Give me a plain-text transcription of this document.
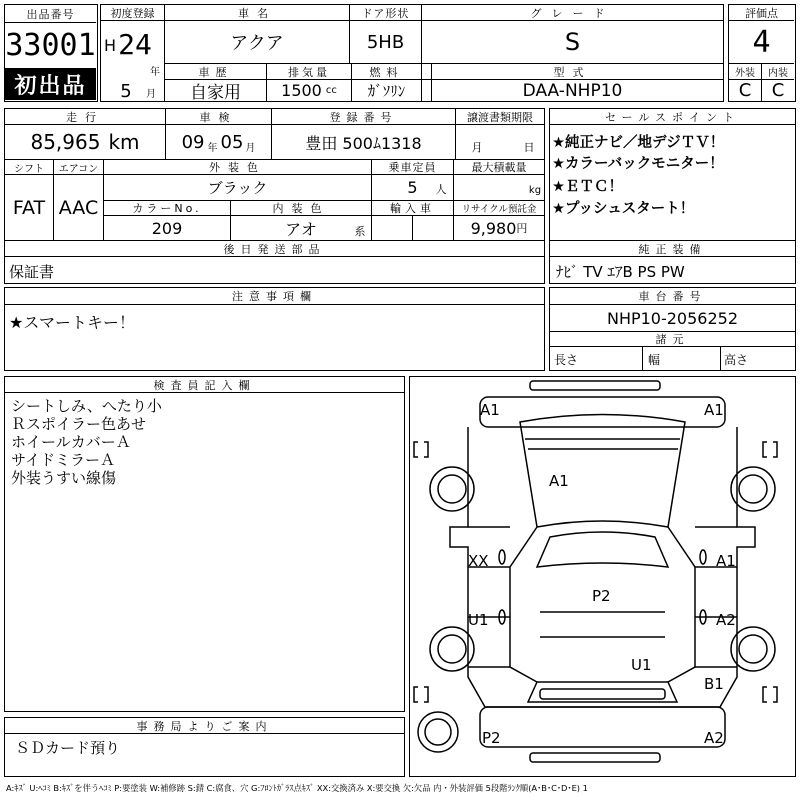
出品番号
33001
初出品
初度登録
H 24
年
5	月
車名
アクア
ドア形状
5HB
グレード
S
車歴
自家用
排気量
1500 cc
燃料
ｶﾞｿﾘﾝ
型式
DAA-NHP10
評価点
4
外装	内装
C	C
走行
85,965 km
車検
09 年 05 月
登録番号
豊田 500ﾑ1318
譲渡書類期限
月	日
シフト
FAT
エアコン
AAC
外装色
ブラック
乗車定員
5	人
最大積載量
kg
カラーNo.
209
内装色
アオ	系
輸入車	リサイクル預託金
9,980 円
後日発送部品
保証書
セールスポイント
★純正ナビ／地デジＴＶ！
★カラーバックモニター！
★ＥＴＣ！
★プッシュスタート！
純正装備
ﾅﾋﾞ TV ｴｱB PS PW
注意事項欄
★スマートキー！
車台番号
NHP10-2056252
諸元
長さ	幅	高さ
検査員記入欄
シートしみ、へたり小
Ｒスポイラー色あせ
ホイールカバーＡ
サイドミラーＡ
外装うすい線傷
事務局よりご案内
ＳＤカード預り
A1	A1
A1
XX	A1
P2
U1	A2
U1
B1
P2	A2
A:ｷｽﾞ U:ﾍｺﾐ B:ｷｽﾞを伴うﾍｺﾐ P:要塗装 W:補修跡 S:錆 C:腐食、穴 G:ﾌﾛﾝﾄｶﾞﾗｽ点ｷｽﾞ XX:交換済み X:要交換 欠:欠品 内・外装評価 5段階ﾗﾝｸ順(A･B･C･D･E) 1
